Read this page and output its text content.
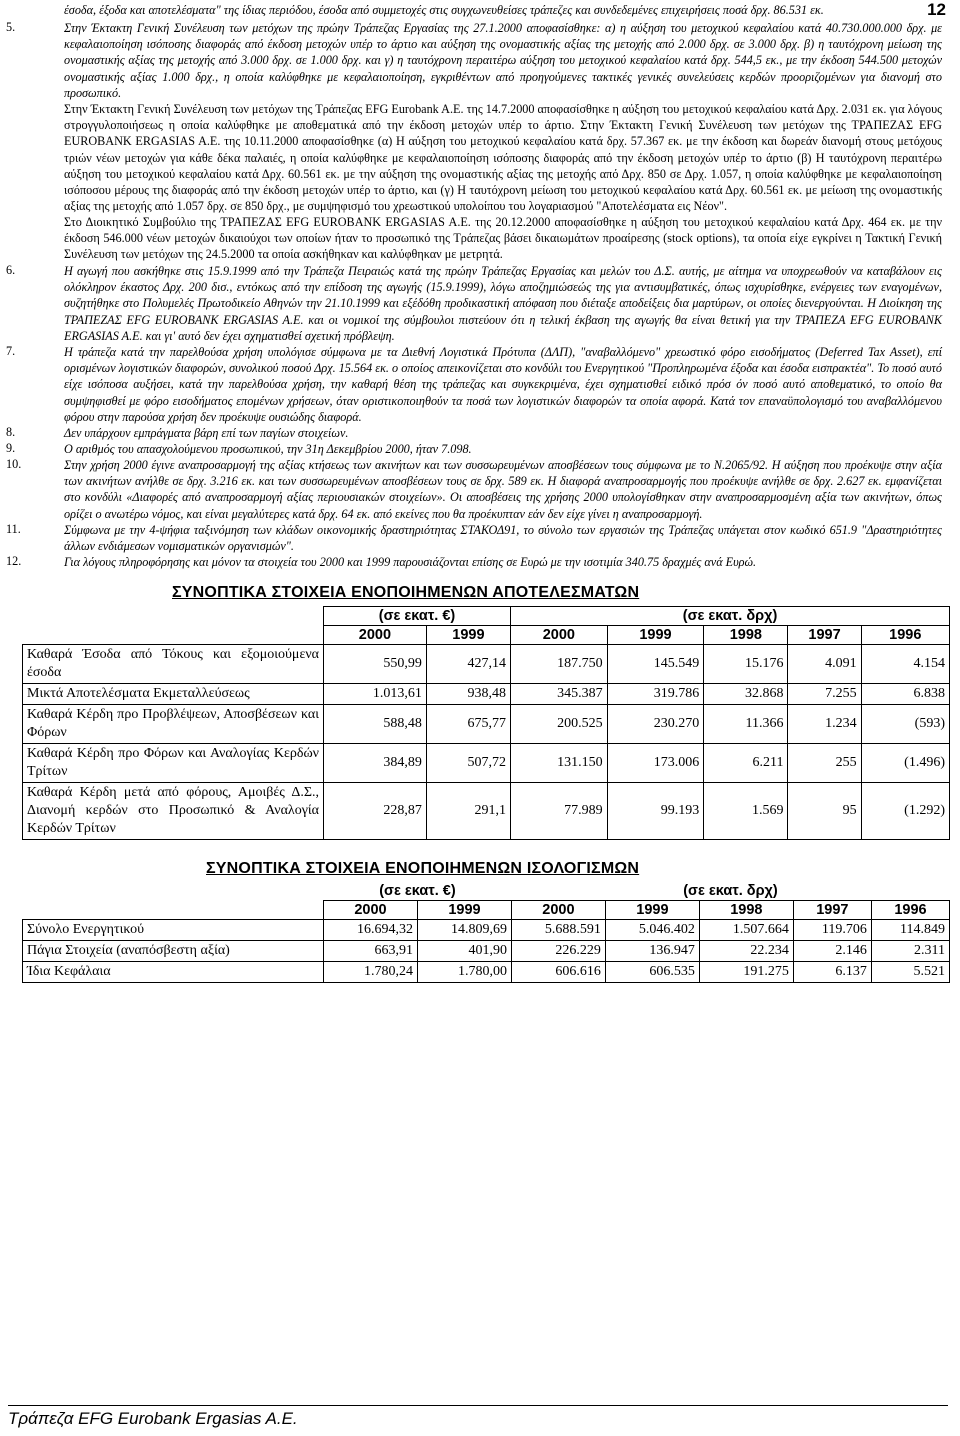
12

έσοδα, έξοδα και αποτελέσματα" της ίδιας περιόδου, έσοδα από συμμετοχές στις συγχωνευθείσες τράπεζες και συνδεδεμένες επιχειρήσεις ποσά δρχ. 86.531 εκ.

5.	Στην Έκτακτη Γενική Συνέλευση των μετόχων της πρώην Τράπεζας Εργασίας της 27.1.2000 αποφασίσθηκε: α) η αύξηση του μετοχικού κεφαλαίου κατά 40.730.000.000 δρχ. με κεφαλαιοποίηση ισόποσης διαφοράς από έκδοση μετοχών υπέρ το άρτιο και αύξηση της ονομαστικής αξίας της μετοχής από 2.000 δρχ. σε 3.000 δρχ. β) η ταυτόχρονη μείωση της ονομαστικής αξίας της μετοχής από 3.000 δρχ. σε 1.000 δρχ. και γ) η ταυτόχρονη περαιτέρω αύξηση του μετοχικού κεφαλαίου κατά δρχ. 544,5 εκ., με την έκδοση 544.500 μετοχών ονομαστικής αξίας 1.000 δρχ., η οποία καλύφθηκε με κεφαλαιοποίηση, εγκριθέντων από προηγούμενες τακτικές γενικές συνελεύσεις κερδών προοριζομένων για διανομή στο προσωπικό.

Στην Έκτακτη Γενική Συνέλευση των μετόχων της Τράπεζας EFG Eurobank A.E. της 14.7.2000 αποφασίσθηκε η αύξηση του μετοχικού κεφαλαίου κατά Δρχ. 2.031 εκ. για λόγους στρογγυλοποιήσεως η οποία καλύφθηκε με αποθεματικά από την έκδοση μετοχών υπέρ το άρτιο. Στην Έκτακτη Γενική Συνέλευση των μετόχων της ΤΡΑΠΕΖΑΣ EFG EUROBANK ERGASIAS A.E. της 10.11.2000 αποφασίσθηκε (α) Η αύξηση του μετοχικού κεφαλαίου κατά δρχ. 57.367 εκ. με την έκδοση και δωρεάν διανομή στους μετόχους τριών νέων μετοχών για κάθε δέκα παλαιές, η οποία καλύφθηκε με κεφαλαιοποίηση ισόποσης διαφοράς από την έκδοση μετοχών υπέρ το άρτιο (β) Η ταυτόχρονη περαιτέρω αύξηση του μετοχικού κεφαλαίου κατά Δρχ. 60.561 εκ. με την αύξηση της ονομαστικής αξίας της μετοχής από Δρχ. 850 σε Δρχ. 1.057, η οποία καλύφθηκε με κεφαλαιοποίηση ισόποσου μέρους της διαφοράς από την έκδοση μετοχών υπέρ το άρτιο, και (γ) Η ταυτόχρονη μείωση του μετοχικού κεφαλαίου κατά Δρχ. 60.561 εκ. με μείωση της ονομαστικής αξίας της μετοχής από 1.057 δρχ. σε 850 δρχ., με συμψηφισμό του χρεωστικού υπολοίπου του λογαριασμού "Αποτελέσματα εις Νέον".

Στο Διοικητικό Συμβούλιο της ΤΡΑΠΕΖΑΣ EFG EUROBANK ERGASIAS A.E. της 20.12.2000 αποφασίσθηκε η αύξηση του μετοχικού κεφαλαίου κατά Δρχ. 464 εκ. με την έκδοση 546.000 νέων μετοχών δικαιούχοι των οποίων ήταν το προσωπικό της Τράπεζας βάσει δικαιωμάτων προαίρεσης (stock options), τα οποία είχε εγκρίνει η Τακτική Γενική Συνέλευση των μετόχων της 24.5.2000 τα οποία ασκήθηκαν και καλύφθηκαν με μετρητά.

6.	Η αγωγή που ασκήθηκε στις 15.9.1999 από την Τράπεζα Πειραιώς κατά της πρώην Τράπεζας Εργασίας και μελών του Δ.Σ. αυτής, με αίτημα να υποχρεωθούν να καταβάλουν εις ολόκληρον έκαστος Δρχ. 200 δισ., εντόκως από την επίδοση της αγωγής (15.9.1999), λόγω αποζημιώσεώς της για αντισυμβατικές, όπως ισχυρίσθηκε, ενέργειες των εναγομένων, συζητήθηκε στο Πολυμελές Πρωτοδικείο Αθηνών την 21.10.1999 και εξέδόθη προδικαστική απόφαση που διέταξε αποδείξεις δια μαρτύρων, οι οποίες διενεργούνται. Η Διοίκηση της ΤΡΑΠΕΖΑΣ EFG EUROBANK ERGASIAS A.E. και οι νομικοί της σύμβουλοι πιστεύουν ότι η τελική έκβαση της αγωγής θα είναι θετική για την ΤΡΑΠΕΖΑ EFG EUROBANK ERGASIAS A.E. και γι' αυτό δεν έχει σχηματισθεί σχετική πρόβλεψη.

7.	Η τράπεζα κατά την παρελθούσα χρήση υπολόγισε σύμφωνα με τα Διεθνή Λογιστικά Πρότυπα (ΔΛΠ), "αναβαλλόμενο" χρεωστικό φόρο εισοδήματος (Deferred Tax Asset), επί ορισμένων λογιστικών διαφορών, συνολικού ποσού Δρχ. 15.564 εκ. ο οποίος απεικονίζεται στο κονδύλι του Ενεργητικού "Προπληρωμένα έξοδα και έσοδα εισπρακτέα". Το ποσό αυτό είχε ισόποσα αυξήσει, κατά την παρελθούσα χρήση, την καθαρή θέση της τράπεζας και συγκεκριμένα, έχει σχηματισθεί ειδικό πρόσ όν ποσό αυτό αποθεματικό, το οποίο θα συμψηφισθεί με φόρο εισοδήματος επομένων χρήσεων, όταν οριστικοποιηθούν τα ποσά των λογιστικών διαφορών τα οποία αφορά. Κατά τον επαναϋπολογισμό του αναβαλλόμενου φόρου στην παρούσα χρήση δεν προέκυψε ουσιώδης διαφορά.

8.	Δεν υπάρχουν εμπράγματα βάρη επί των παγίων στοιχείων.

9.	Ο αριθμός του απασχολούμενου προσωπικού, την 31η Δεκεμβρίου 2000, ήταν 7.098.

10.	Στην χρήση 2000 έγινε αναπροσαρμογή της αξίας κτήσεως των ακινήτων και των συσσωρευμένων αποσβέσεων τους σύμφωνα με το Ν.2065/92. Η αύξηση που προέκυψε στην αξία των ακινήτων ανήλθε σε δρχ. 3.216 εκ. και των συσσωρευμένων αποσβέσεων τους σε δρχ. 589 εκ. Η διαφορά αναπροσαρμογής που προέκυψε ανήλθε σε δρχ. 2.627 εκ. εμφανίζεται στο κονδύλι «Διαφορές από αναπροσαρμογή αξίας περιουσιακών στοιχείων». Οι αποσβέσεις της χρήσης 2000 υπολογίσθηκαν στην αναπροσαρμοσμένη αξία των ακινήτων, όπως ορίζει ο ανωτέρω νόμος, και είναι μεγαλύτερες κατά δρχ. 64 εκ. από εκείνες που θα προέκυπταν εάν δεν είχε γίνει η αναπροσαρμογή.

11.	Σύμφωνα με την 4-ψήφια ταξινόμηση των κλάδων οικονομικής δραστηριότητας ΣΤΑΚΟΔ91, το σύνολο των εργασιών της Τράπεζας υπάγεται στον κωδικό 651.9 "Δραστηριότητες άλλων ενδιάμεσων νομισματικών οργανισμών".

12.	Για λόγους πληροφόρησης και μόνον τα στοιχεία του 2000 και 1999 παρουσιάζονται επίσης σε Ευρώ με την ισοτιμία 340.75 δραχμές ανά Ευρώ.

ΣΥΝΟΠΤΙΚΑ ΣΤΟΙΧΕΙΑ ΕΝΟΠΟΙΗΜΕΝΩΝ ΑΠΟΤΕΛΕΣΜΑΤΩΝ
	(σε εκατ. €)		(σε εκατ. δρχ)				
	2000	1999	2000	1999	1998	1997	1996
Καθαρά Έσοδα από Τόκους και εξομοιούμενα έσοδα	550,99	427,14	187.750	145.549	15.176	4.091	4.154
Μικτά Αποτελέσματα Εκμεταλλεύσεως	1.013,61	938,48	345.387	319.786	32.868	7.255	6.838
Καθαρά Κέρδη προ Προβλέψεων, Αποσβέσεων και Φόρων	588,48	675,77	200.525	230.270	11.366	1.234	(593)
Καθαρά Κέρδη προ Φόρων και Αναλογίας Κερδών Τρίτων	384,89	507,72	131.150	173.006	6.211	255	(1.496)
Καθαρά Κέρδη μετά από φόρους, Αμοιβές Δ.Σ., Διανομή κερδών στο Προσωπικό & Αναλογία Κερδών Τρίτων	228,87	291,1	77.989	99.193	1.569	95	(1.292)
ΣΥΝΟΠΤΙΚΑ ΣΤΟΙΧΕΙΑ ΕΝΟΠΟΙΗΜΕΝΩΝ ΙΣΟΛΟΓΙΣΜΩΝ
	(σε εκατ. €)		(σε εκατ. δρχ)				
	2000	1999	2000	1999	1998	1997	1996
Σύνολο Ενεργητικού	16.694,32	14.809,69	5.688.591	5.046.402	1.507.664	119.706	114.849
Πάγια Στοιχεία (αναπόσβεστη αξία)	663,91	401,90	226.229	136.947	22.234	2.146	2.311
Ίδια Κεφάλαια	1.780,24	1.780,00	606.616	606.535	191.275	6.137	5.521
Τράπεζα EFG Eurobank Ergasias A.E.
